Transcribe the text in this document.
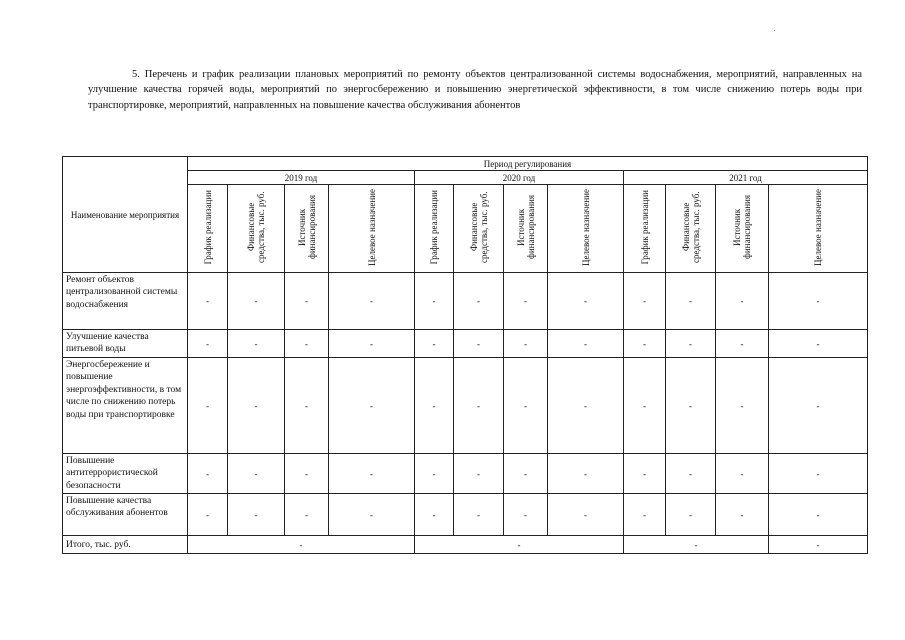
5. Перечень и график реализации плановых мероприятий по ремонту объектов централизованной системы водоснабжения, мероприятий, направленных на улучшение качества горячей воды, мероприятий по энергосбережению и повышению энергетической эффективности, в том числе снижению потерь воды при транспортировке, мероприятий, направленных на повышение качества обслуживания абонентов

Наименование мероприятия	Период регулирования											
	2019 год				2020 год				2021 год			
	График реализации	Финансовые средства, тыс. руб.	Источник финансирования	Целевое назначение	График реализации	Финансовые средства, тыс. руб.	Источник финансирования	Целевое назначение	График реализации	Финансовые средства, тыс. руб.	Источник финансирования	Целевое назначение
Ремонт объектов централизованной системы водоснабжения	-	-	-	-	-	-	-	-	-	-	-	-
Улучшение качества питьевой воды	-	-	-	-	-	-	-	-	-	-	-	-
Энергосбережение и повышение энергоэффективности, в том числе по снижению потерь воды при транспортировке	-	-	-	-	-	-	-	-	-	-	-	-
Повышение антитеррористической безопасности	-	-	-	-	-	-	-	-	-	-	-	-
Повышение качества обслуживания абонентов	-	-	-	-	-	-	-	-	-	-	-	-
Итого, тыс. руб.	-				-				-			-
